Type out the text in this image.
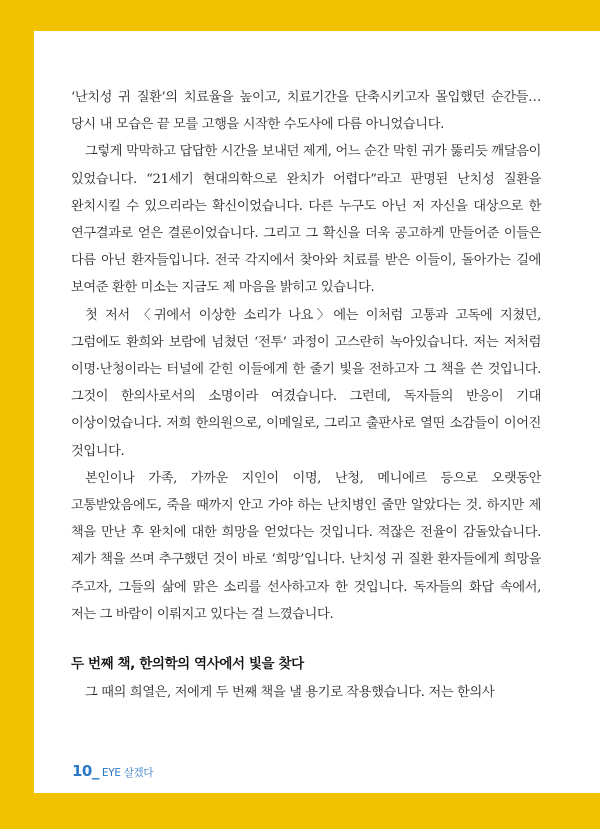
‘난치성 귀 질환’의 치료율을 높이고, 치료기간을 단축시키고자 몰입했던 순간들… 당시 내 모습은 끝 모를 고행을 시작한 수도사에 다름 아니었습니다.

그렇게 막막하고 답답한 시간을 보내던 제게, 어느 순간 막힌 귀가 뚫리듯 깨달음이 있었습니다. “21세기 현대의학으로 완치가 어렵다”라고 판명된 난치성 질환을 완치시킬 수 있으리라는 확신이었습니다. 다른 누구도 아닌 저 자신을 대상으로 한 연구결과로 얻은 결론이었습니다. 그리고 그 확신을 더욱 공고하게 만들어준 이들은 다름 아닌 환자들입니다. 전국 각지에서 찾아와 치료를 받은 이들이, 돌아가는 길에 보여준 환한 미소는 지금도 제 마음을 밝히고 있습니다.

첫 저서 〈귀에서 이상한 소리가 나요〉에는 이처럼 고통과 고독에 지쳤던, 그럼에도 환희와 보람에 넘쳤던 ‘전투’ 과정이 고스란히 녹아있습니다. 저는 저처럼 이명·난청이라는 터널에 갇힌 이들에게 한 줄기 빛을 전하고자 그 책을 쓴 것입니다. 그것이 한의사로서의 소명이라 여겼습니다. 그런데, 독자들의 반응이 기대 이상이었습니다. 저희 한의원으로, 이메일로, 그리고 출판사로 열띤 소감들이 이어진 것입니다.

본인이나 가족, 가까운 지인이 이명, 난청, 메니에르 등으로 오랫동안 고통받았음에도, 죽을 때까지 안고 가야 하는 난치병인 줄만 알았다는 것. 하지만 제 책을 만난 후 완치에 대한 희망을 얻었다는 것입니다. 적잖은 전율이 감돌았습니다. 제가 책을 쓰며 추구했던 것이 바로 ‘희망’입니다. 난치성 귀 질환 환자들에게 희망을 주고자, 그들의 삶에 맑은 소리를 선사하고자 한 것입니다. 독자들의 화답 속에서, 저는 그 바람이 이뤄지고 있다는 걸 느꼈습니다.

두 번째 책, 한의학의 역사에서 빛을 찾다

그 때의 희열은, 저에게 두 번째 책을 낼 용기로 작용했습니다. 저는 한의사

10 _ EYE 살겠다
